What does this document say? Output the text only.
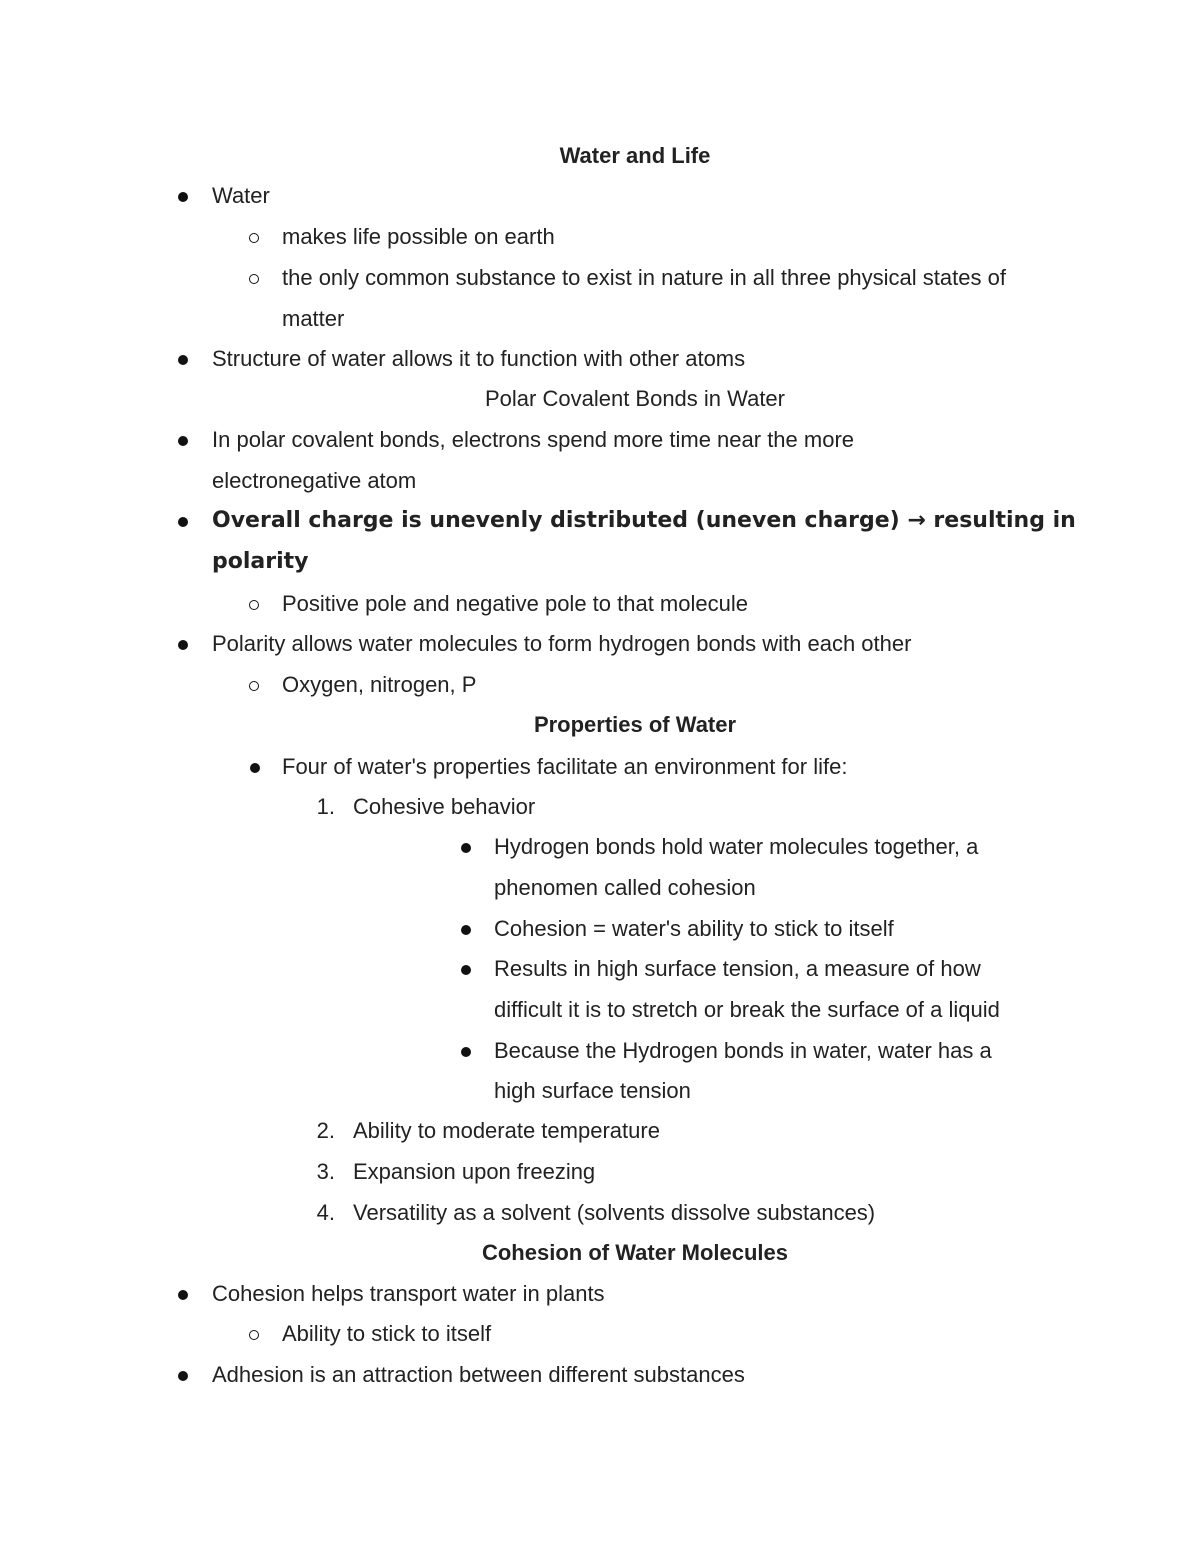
Water and Life
Water
makes life possible on earth
the only common substance to exist in nature in all three physical states of
matter
Structure of water allows it to function with other atoms
Polar Covalent Bonds in Water
In polar covalent bonds, electrons spend more time near the more
electronegative atom
Overall charge is unevenly distributed (uneven charge) → resulting in
polarity
Positive pole and negative pole to that molecule
Polarity allows water molecules to form hydrogen bonds with each other
Oxygen, nitrogen, P
Properties of Water
Four of water's properties facilitate an environment for life:
1. Cohesive behavior
Hydrogen bonds hold water molecules together, a
phenomen called cohesion
Cohesion = water's ability to stick to itself
Results in high surface tension, a measure of how
difficult it is to stretch or break the surface of a liquid
Because the Hydrogen bonds in water, water has a
high surface tension
2. Ability to moderate temperature
3. Expansion upon freezing
4. Versatility as a solvent (solvents dissolve substances)
Cohesion of Water Molecules
Cohesion helps transport water in plants
Ability to stick to itself
Adhesion is an attraction between different substances
